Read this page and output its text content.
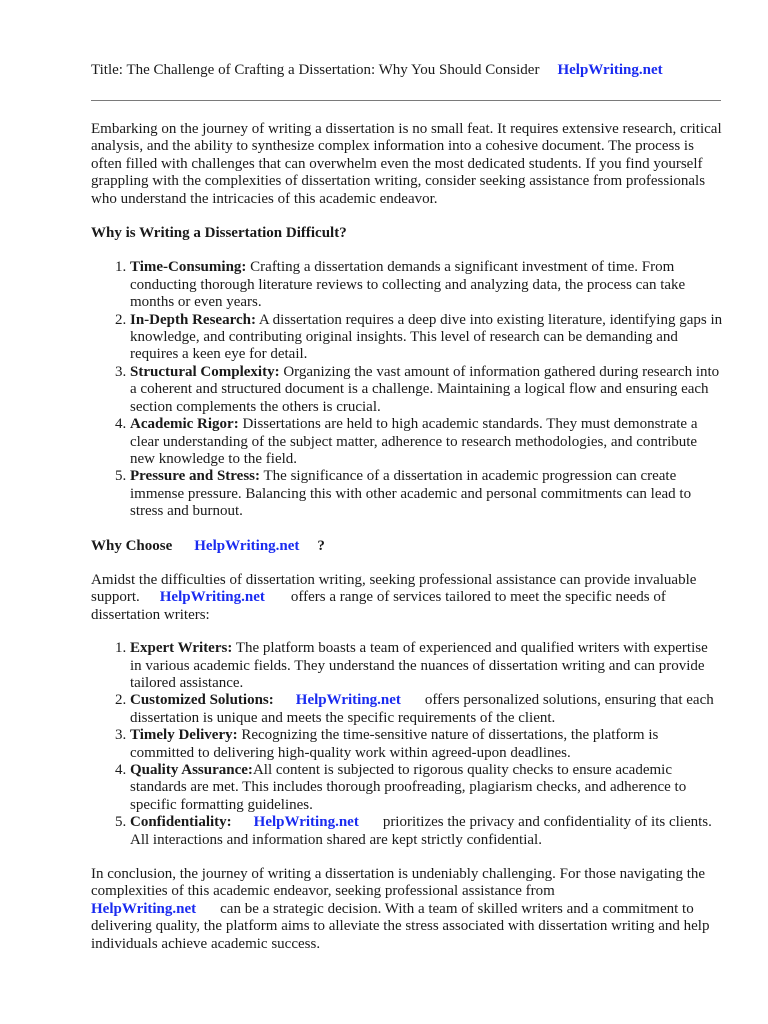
Title: The Challenge of Crafting a Dissertation: Why You Should Consider HelpWriting.net

Embarking on the journey of writing a dissertation is no small feat. It requires extensive research, critical analysis, and the ability to synthesize complex information into a cohesive document. The process is often filled with challenges that can overwhelm even the most dedicated students. If you find yourself grappling with the complexities of dissertation writing, consider seeking assistance from professionals who understand the intricacies of this academic endeavor.

Why is Writing a Dissertation Difficult?

1. Time-Consuming: Crafting a dissertation demands a significant investment of time. From conducting thorough literature reviews to collecting and analyzing data, the process can take months or even years.
2. In-Depth Research: A dissertation requires a deep dive into existing literature, identifying gaps in knowledge, and contributing original insights. This level of research can be demanding and requires a keen eye for detail.
3. Structural Complexity: Organizing the vast amount of information gathered during research into a coherent and structured document is a challenge. Maintaining a logical flow and ensuring each section complements the others is crucial.
4. Academic Rigor: Dissertations are held to high academic standards. They must demonstrate a clear understanding of the subject matter, adherence to research methodologies, and contribute new knowledge to the field.
5. Pressure and Stress: The significance of a dissertation in academic progression can create immense pressure. Balancing this with other academic and personal commitments can lead to stress and burnout.

Why Choose HelpWriting.net ?

Amidst the difficulties of dissertation writing, seeking professional assistance can provide invaluable support. HelpWriting.net offers a range of services tailored to meet the specific needs of dissertation writers:

1. Expert Writers: The platform boasts a team of experienced and qualified writers with expertise in various academic fields. They understand the nuances of dissertation writing and can provide tailored assistance.
2. Customized Solutions: HelpWriting.net offers personalized solutions, ensuring that each dissertation is unique and meets the specific requirements of the client.
3. Timely Delivery: Recognizing the time-sensitive nature of dissertations, the platform is committed to delivering high-quality work within agreed-upon deadlines.
4. Quality Assurance:All content is subjected to rigorous quality checks to ensure academic standards are met. This includes thorough proofreading, plagiarism checks, and adherence to specific formatting guidelines.
5. Confidentiality: HelpWriting.net prioritizes the privacy and confidentiality of its clients. All interactions and information shared are kept strictly confidential.

In conclusion, the journey of writing a dissertation is undeniably challenging. For those navigating the complexities of this academic endeavor, seeking professional assistance from
HelpWriting.net can be a strategic decision. With a team of skilled writers and a commitment to delivering quality, the platform aims to alleviate the stress associated with dissertation writing and help individuals achieve academic success.
